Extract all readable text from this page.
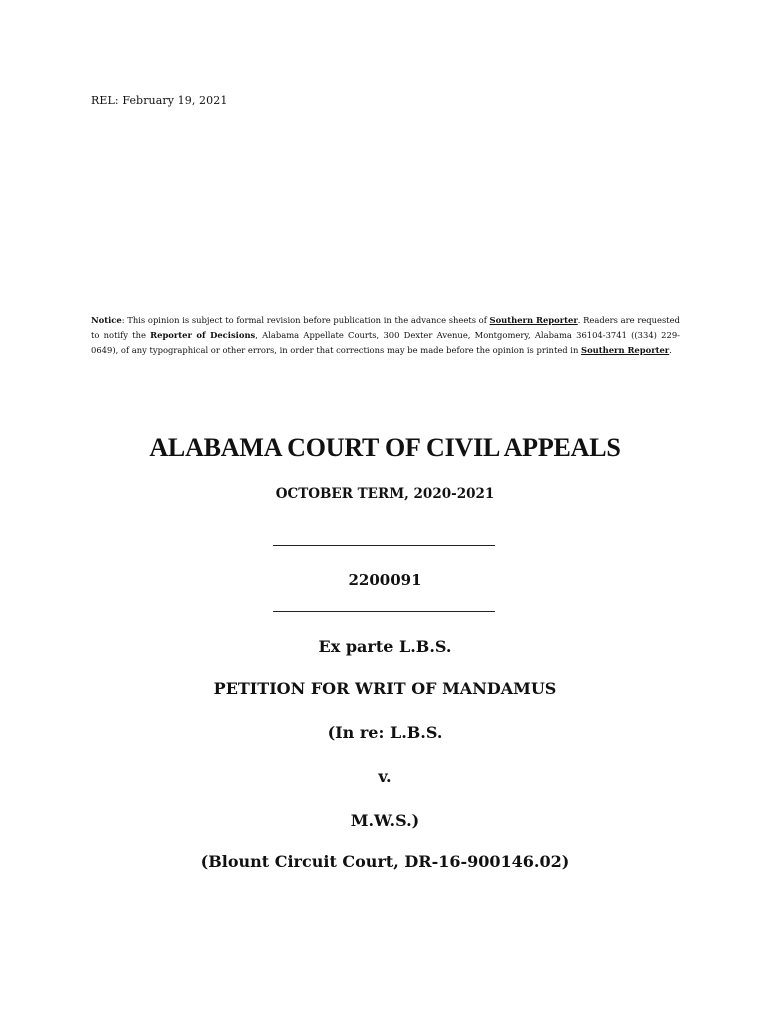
REL: February 19, 2021
Notice: This opinion is subject to formal revision before publication in the advance sheets of Southern Reporter. Readers are requested to notify the Reporter of Decisions, Alabama Appellate Courts, 300 Dexter Avenue, Montgomery, Alabama 36104-3741 ((334) 229-0649), of any typographical or other errors, in order that corrections may be made before the opinion is printed in Southern Reporter.
ALABAMA COURT OF CIVIL APPEALS
OCTOBER TERM, 2020-2021
2200091
Ex parte L.B.S.
PETITION FOR WRIT OF MANDAMUS
(In re: L.B.S.
v.
M.W.S.)
(Blount Circuit Court, DR-16-900146.02)
